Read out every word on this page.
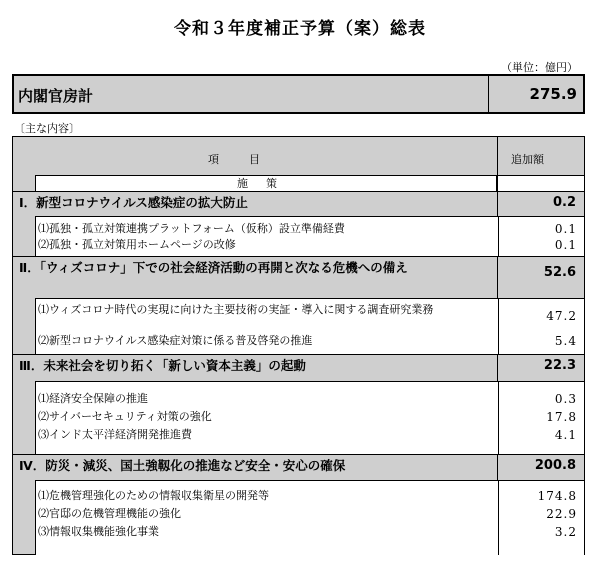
令和３年度補正予算（案）総表
（単位：億円）
内閣官房計	275.9
〔主な内容〕
項目	追加額
施策
Ⅰ．新型コロナウイルス感染症の拡大防止	0.2
⑴孤独・孤立対策連携プラットフォーム（仮称）設立準備経費	0.1
⑵孤独・孤立対策用ホームページの改修	0.1
Ⅱ．「ウィズコロナ」下での社会経済活動の再開と次なる危機への備え	52.6
⑴ウィズコロナ時代の実現に向けた主要技術の実証・導入に関する調査研究業務	47.2
⑵新型コロナウイルス感染症対策に係る普及啓発の推進	5.4
Ⅲ．未来社会を切り拓く「新しい資本主義」の起動	22.3
⑴経済安全保障の推進	0.3
⑵サイバーセキュリティ対策の強化	17.8
⑶インド太平洋経済開発推進費	4.1
Ⅳ．防災・減災、国土強靱化の推進など安全・安心の確保	200.8
⑴危機管理強化のための情報収集衛星の開発等	174.8
⑵官邸の危機管理機能の強化	22.9
⑶情報収集機能強化事業	3.2
